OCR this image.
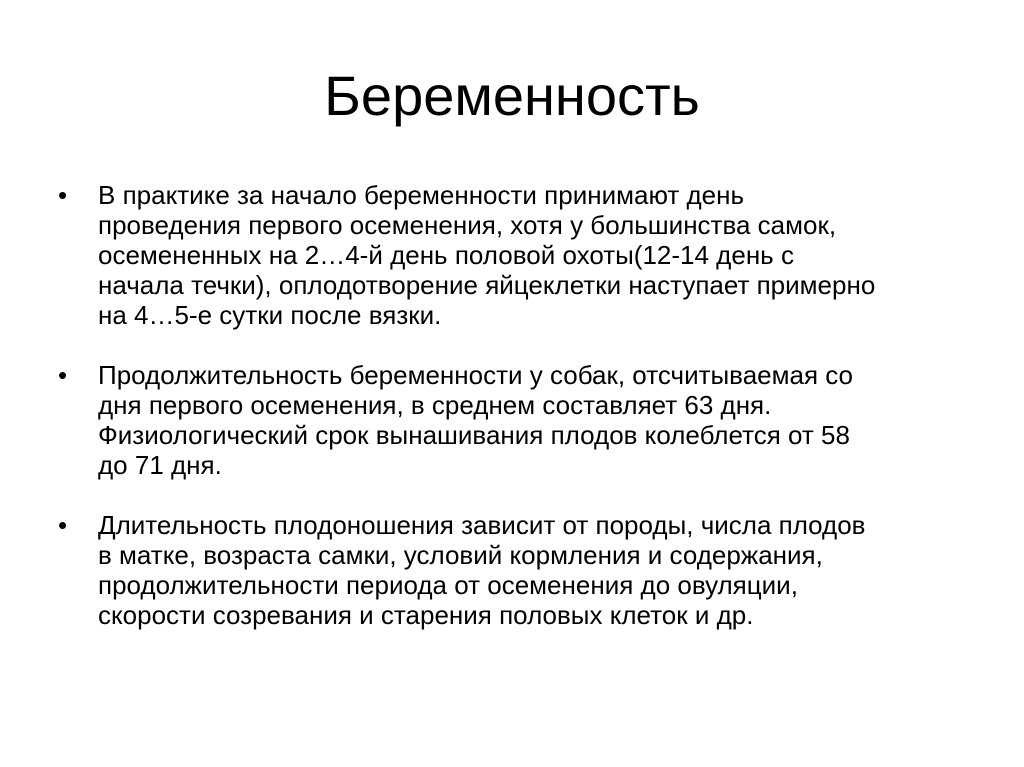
Беременность
•	В практике за начало беременности принимают день
проведения первого осеменения, хотя у большинства самок,
осемененных на 2…4-й день половой охоты(12-14 день с
начала течки), оплодотворение яйцеклетки наступает примерно
на 4…5-е сутки после вязки.
•	Продолжительность беременности у собак, отсчитываемая со
дня первого осеменения, в среднем составляет 63 дня.
Физиологический срок вынашивания плодов колеблется от 58
до 71 дня.
•	Длительность плодоношения зависит от породы, числа плодов
в матке, возраста самки, условий кормления и содержания,
продолжительности периода от осеменения до овуляции,
скорости созревания и старения половых клеток и др.
